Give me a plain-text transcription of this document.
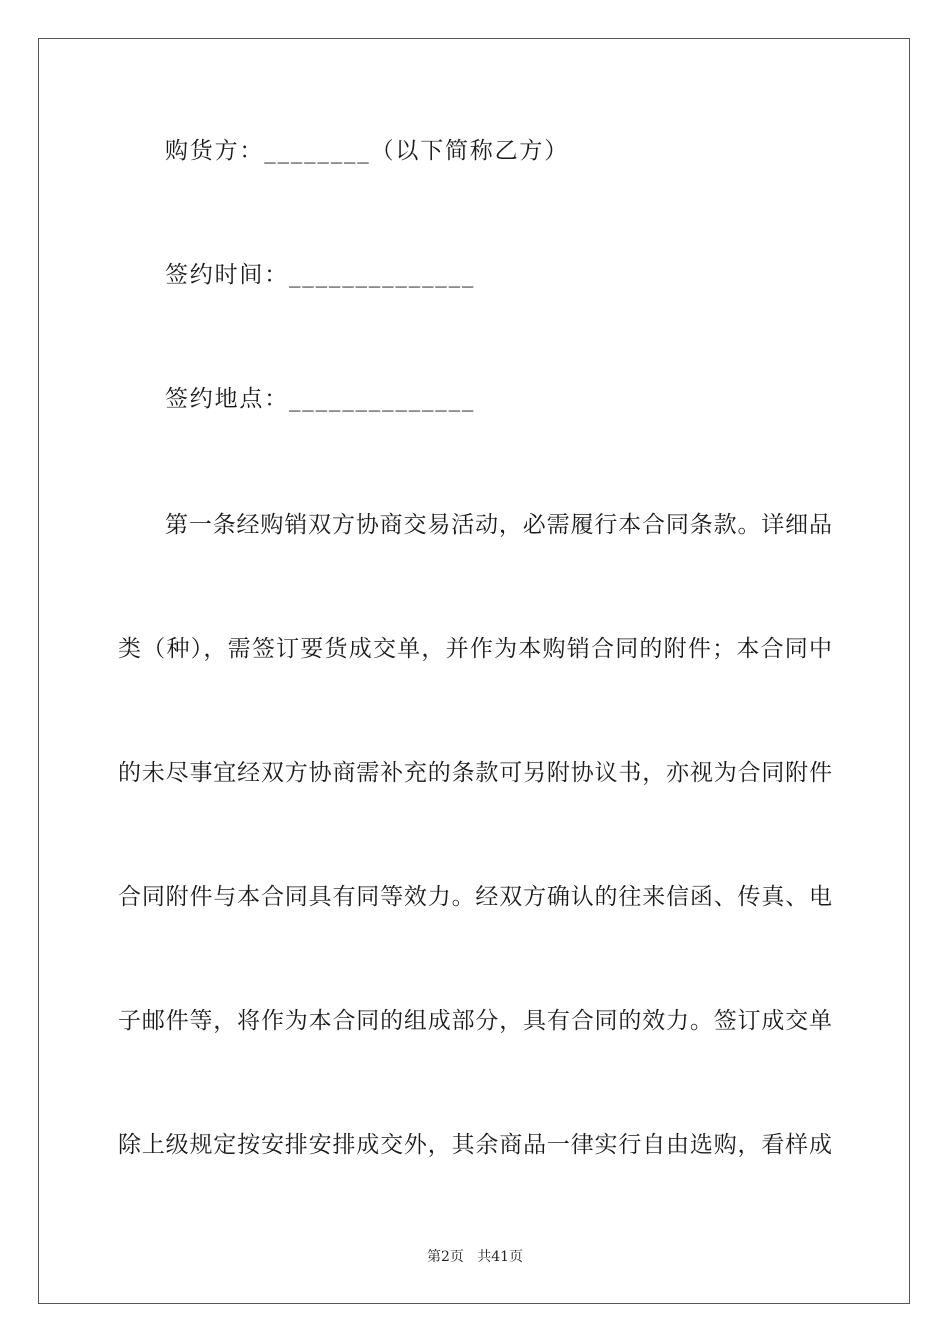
购货方：________（以下简称乙方）
签约时间：______________
签约地点：______________
第一条经购销双方协商交易活动，必需履行本合同条款。详细品
类（种），需签订要货成交单，并作为本购销合同的附件；本合同中
的未尽事宜经双方协商需补充的条款可另附协议书，亦视为合同附件
合同附件与本合同具有同等效力。经双方确认的往来信函、传真、电
子邮件等，将作为本合同的组成部分，具有合同的效力。签订成交单
除上级规定按安排安排成交外，其余商品一律实行自由选购，看样成
第2页   共41页
